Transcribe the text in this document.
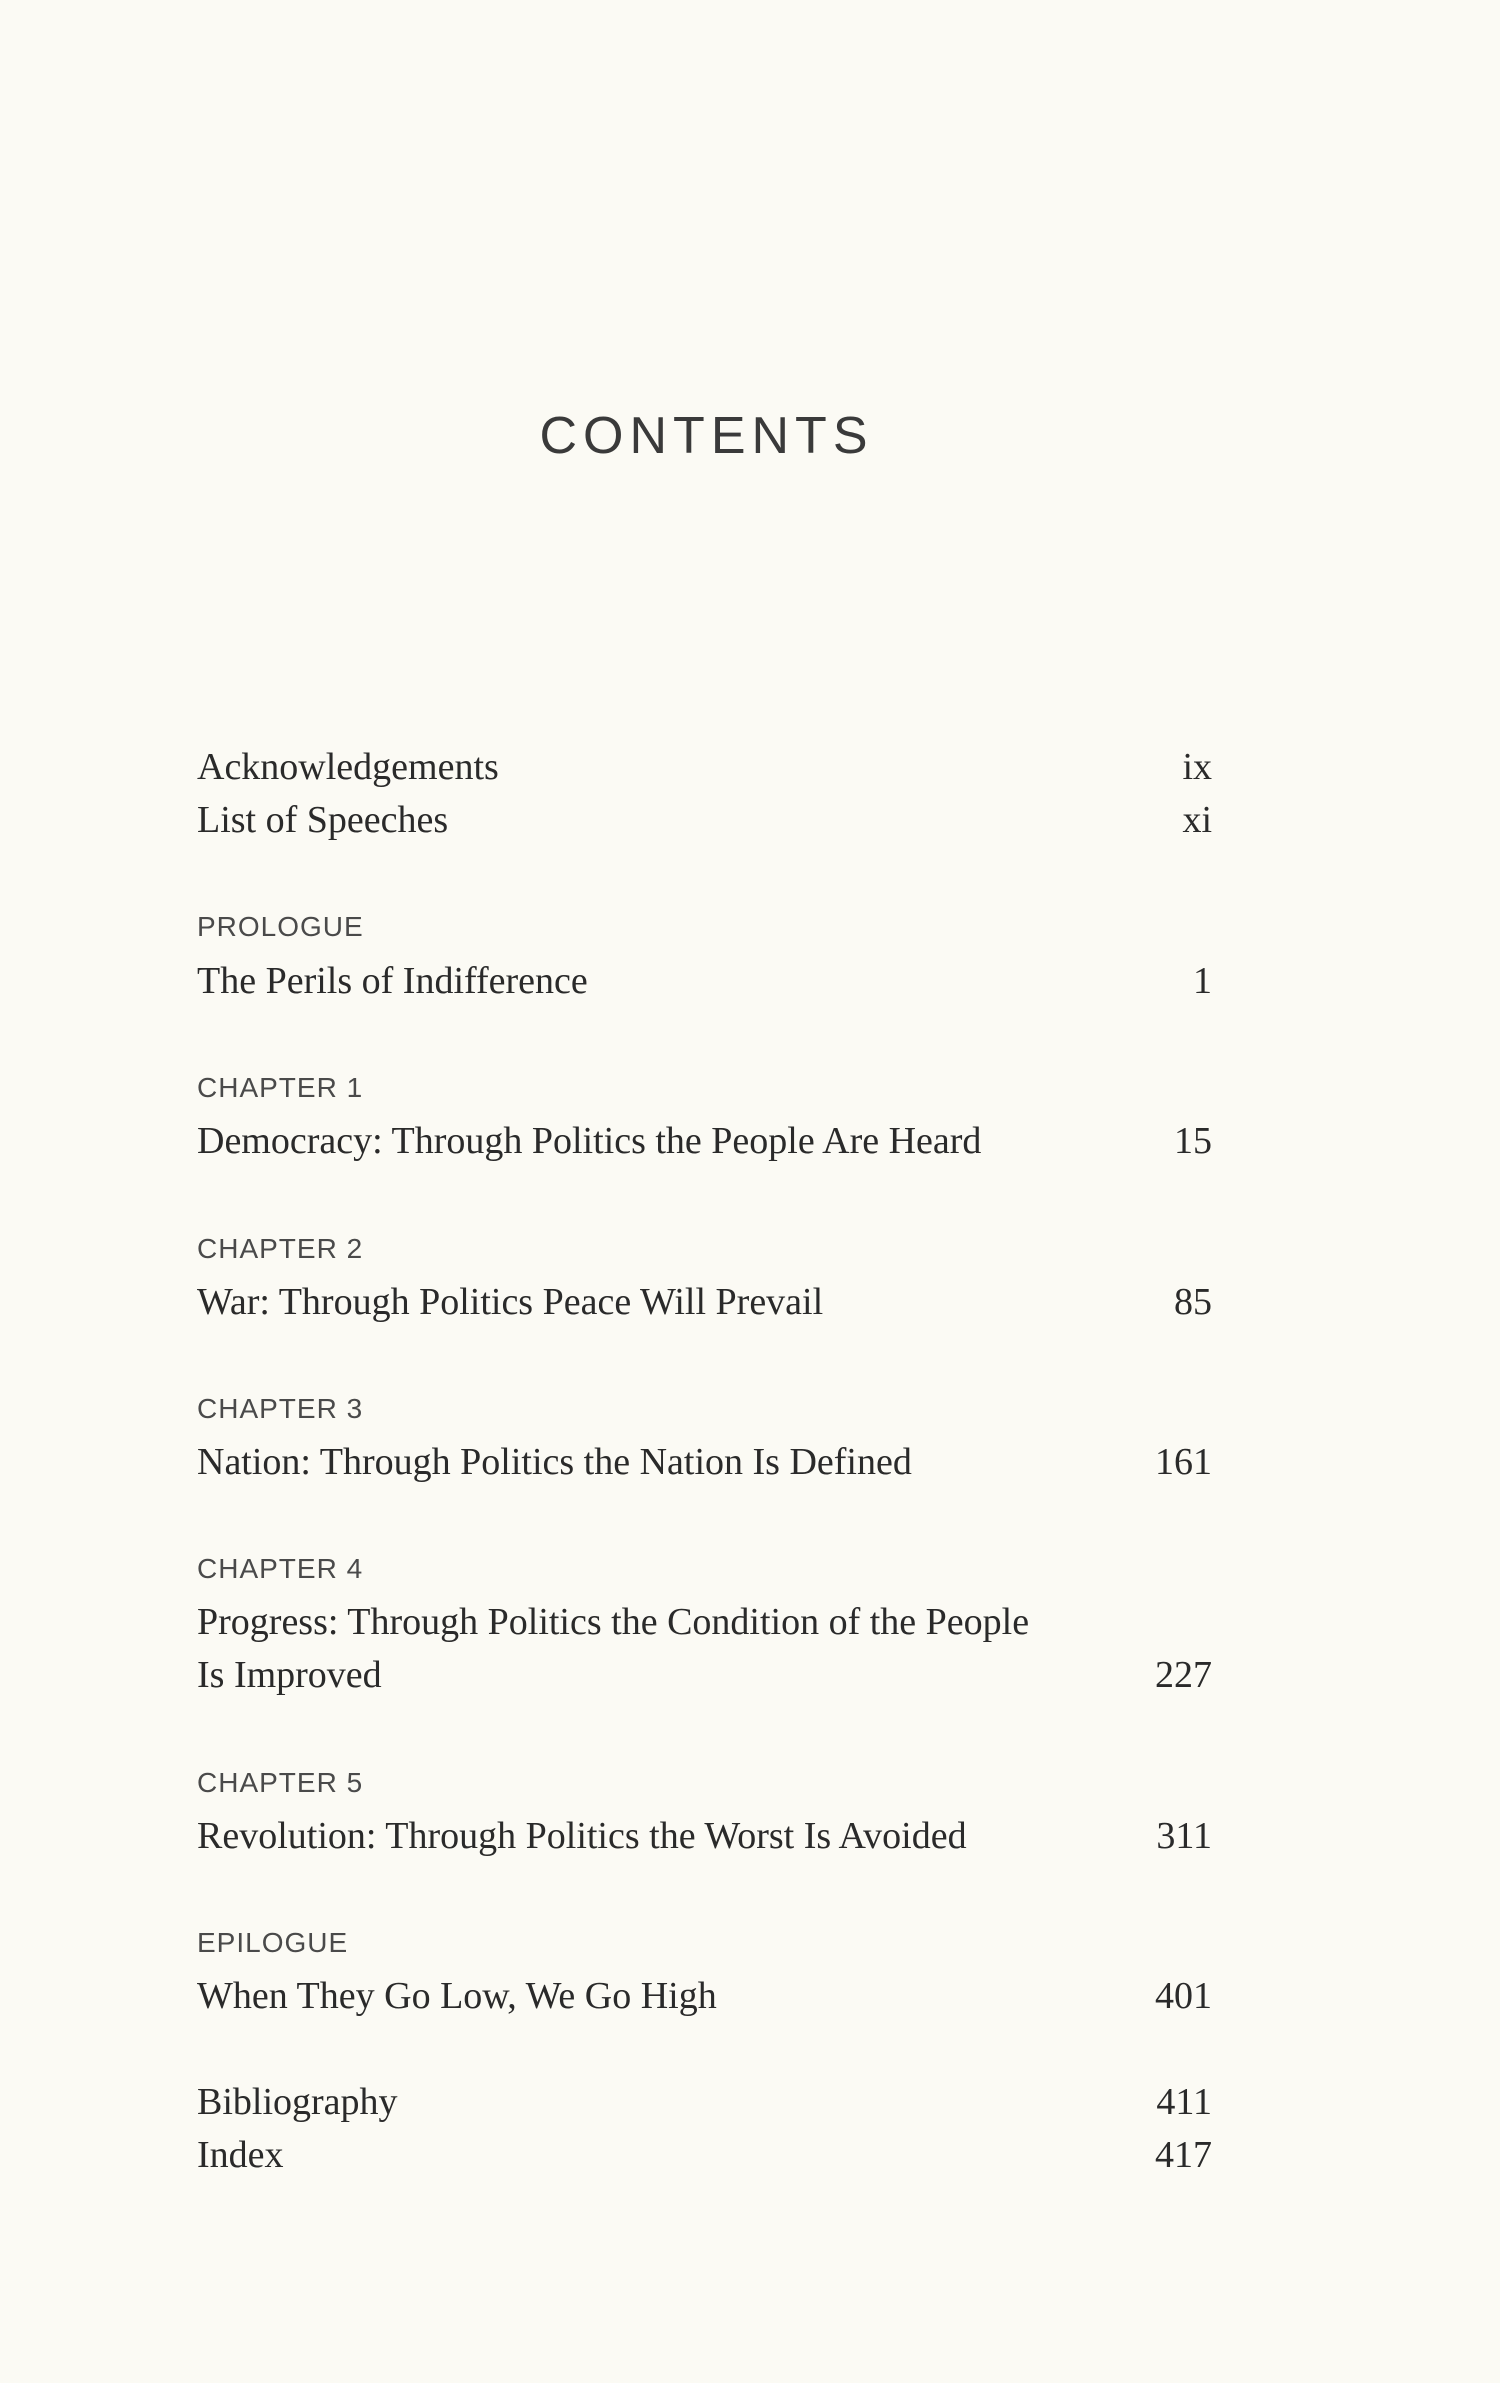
CONTENTS
Acknowledgements	ix
List of Speeches	xi
PROLOGUE
The Perils of Indifference	1
CHAPTER 1
Democracy: Through Politics the People Are Heard	15
CHAPTER 2
War: Through Politics Peace Will Prevail	85
CHAPTER 3
Nation: Through Politics the Nation Is Defined	161
CHAPTER 4
Progress: Through Politics the Condition of the People Is Improved	227
CHAPTER 5
Revolution: Through Politics the Worst Is Avoided	311
EPILOGUE
When They Go Low, We Go High	401
Bibliography	411
Index	417
